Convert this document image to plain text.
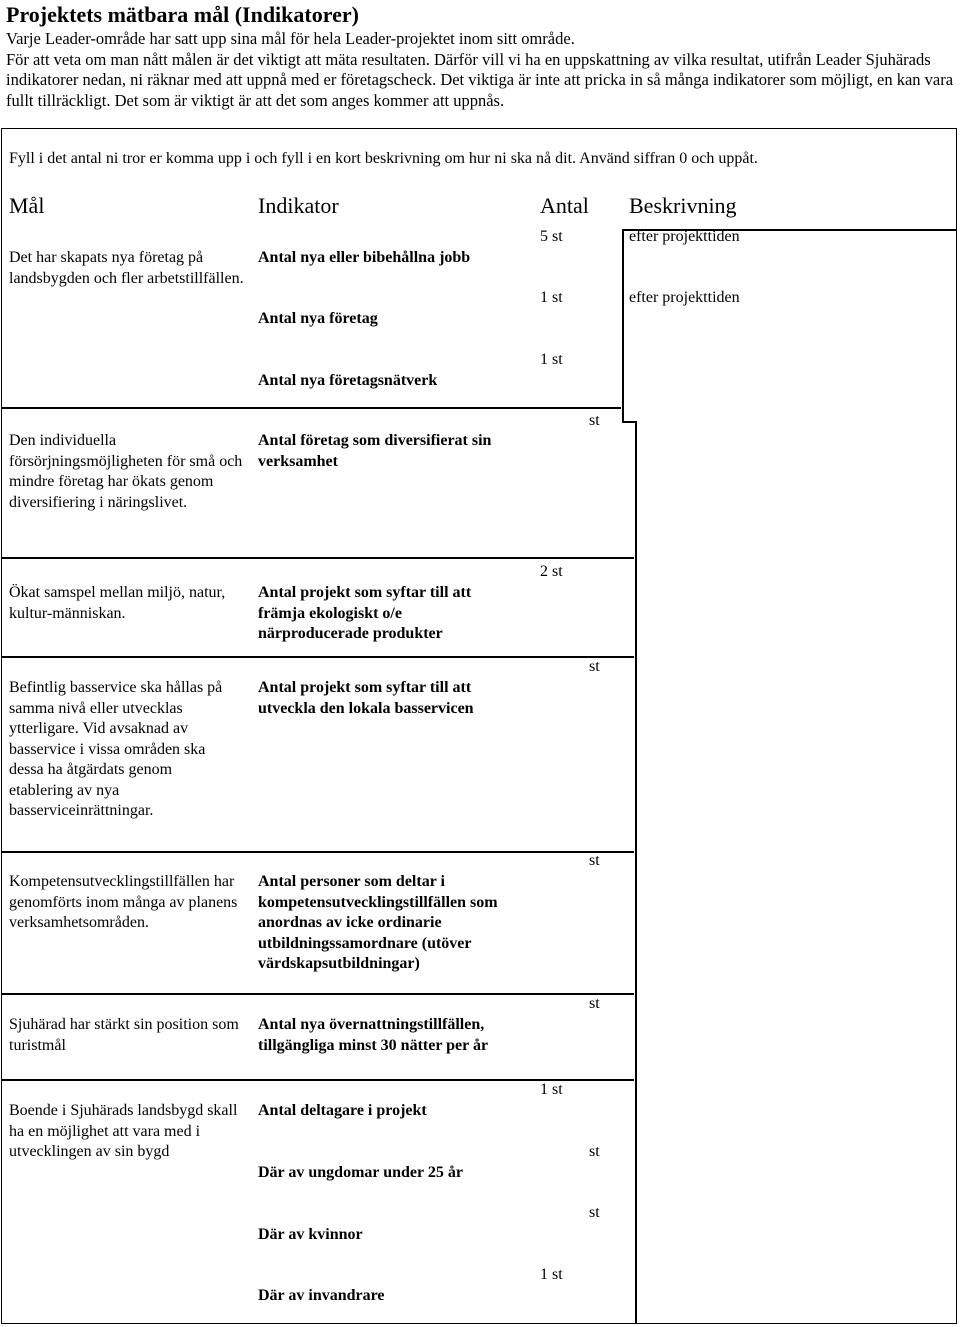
Projektets mätbara mål (Indikatorer)
Varje Leader-område har satt upp sina mål för hela Leader-projektet inom sitt område.
För att veta om man nått målen är det viktigt att mäta resultaten. Därför vill vi ha en uppskattning av vilka resultat, utifrån Leader Sjuhärads indikatorer nedan, ni räknar med att uppnå med er företagscheck. Det viktiga är inte att pricka in så många indikatorer som möjligt, en kan vara fullt tillräckligt. Det som är viktigt är att det som anges kommer att uppnås.
Fyll i det antal ni tror er komma upp i och fyll i en kort beskrivning om hur ni ska nå dit. Använd siffran 0 och uppåt.
Mål	Indikator	Antal Beskrivning
Det har skapats nya företag på landsbygden och fler arbetstillfällen.
Den individuella försörjningsmöjligheten för små och mindre företag har ökats genom diversifiering i näringslivet.
Ökat samspel mellan miljö, natur, kultur-människan.
Befintlig basservice ska hållas på samma nivå eller utvecklas ytterligare. Vid avsaknad av basservice i vissa områden ska dessa ha åtgärdats genom etablering av nya basserviceinrättningar.
Kompetensutvecklingstillfällen har genomförts inom många av planens verksamhetsområden.
Sjuhärad har stärkt sin position som turistmål
Boende i Sjuhärads landsbygd skall ha en möjlighet att vara med i utvecklingen av sin bygd
Antal nya eller bibehållna jobb
Antal nya företag
Antal nya företagsnätverk
Antal företag som diversifierat sin verksamhet
Antal projekt som syftar till att främja ekologiskt o/e närproducerade produkter
Antal projekt som syftar till att utveckla den lokala basservicen
Antal personer som deltar i kompetensutvecklingstillfällen som anordnas av icke ordinarie utbildningssamordnare (utöver värdskapsutbildningar)
Antal nya övernattningstillfällen, tillgängliga minst 30 nätter per år
Antal deltagare i projekt
Där av ungdomar under 25 år
Där av kvinnor
Där av invandrare
5 st
1 st
1 st
st
2 st
st
st
st
1 st
st
st
1 st
efter projekttiden
efter projekttiden
